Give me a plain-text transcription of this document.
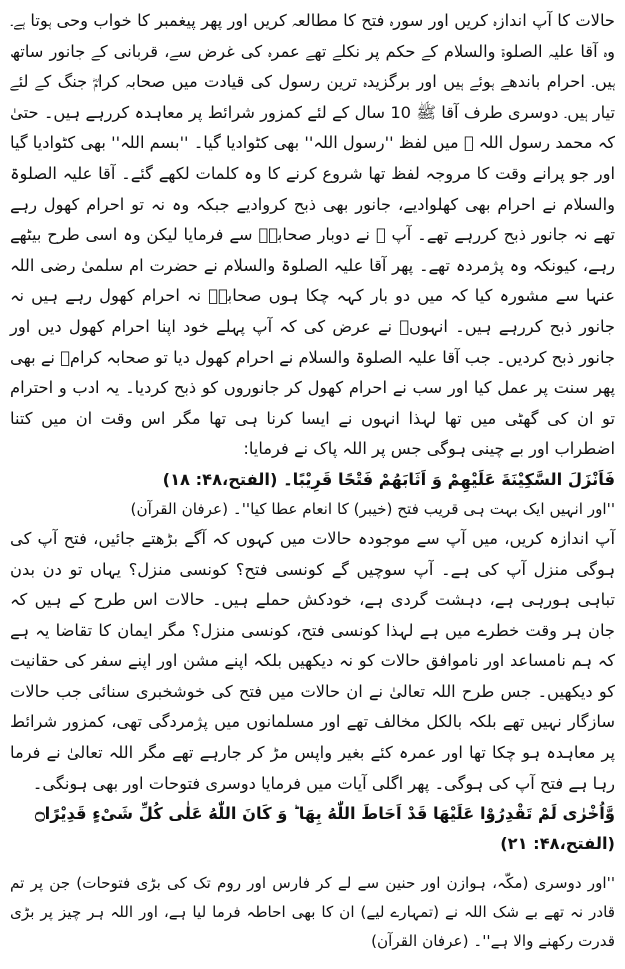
حالات کا آپ اندازہ کریں اور سورہ فتح کا مطالعہ کریں اور پھر پیغمبر کا خواب وحی ہوتا ہے۔ وہ آقا علیہ الصلوۃ والسلام کے حکم پر نکلے تھے عمرہ کی غرض سے، قربانی کے جانور ساتھ ہیں۔ احرام باندھے ہوئے ہیں اور برگزیدہ ترین رسول کی قیادت میں صحابہ کرامؓ جنگ کے لئے تیار ہیں۔ دوسری طرف آقا ﷺ 10 سال کے لئے کمزور شرائط پر معاہدہ کررہے ہیں۔ حتیٰ کہ محمد رسول اللہ ﷺ میں لفظ ''رسول اللہ'' بھی کٹوادیا گیا۔ ''بسم اللہ'' بھی کٹوادیا گیا اور جو پرانے وقت کا مروجہ لفظ تھا شروع کرنے کا وہ کلمات لکھے گئے۔ آقا علیہ الصلوۃ والسلام نے احرام بھی کھلوادیے، جانور بھی ذبح کروادیے جبکہ وہ نہ تو احرام کھول رہے تھے نہ جانور ذبح کررہے تھے۔ آپ ﷺ نے دوبار صحابہؓ سے فرمایا لیکن وہ اسی طرح بیٹھے رہے، کیونکہ وہ پژمردہ تھے۔ پھر آقا علیہ الصلوۃ والسلام نے حضرت ام سلمیٰ رضی اللہ عنہا سے مشورہ کیا کہ میں دو بار کہہ چکا ہوں صحابہؓ نہ احرام کھول رہے ہیں نہ جانور ذبح کررہے ہیں۔ انہوںؓ نے عرض کی کہ آپ پہلے خود اپنا احرام کھول دیں اور جانور ذبح کردیں۔ جب آقا علیہ الصلوۃ والسلام نے احرام کھول دیا تو صحابہ کرامؓ نے بھی پھر سنت پر عمل کیا اور سب نے احرام کھول کر جانوروں کو ذبح کردیا۔ یہ ادب و احترام تو ان کی گھٹی میں تھا لہذا انہوں نے ایسا کرنا ہی تھا مگر اس وقت ان میں کتنا اضطراب اور بے چینی ہوگی جس پر اللہ پاک نے فرمایا:

فَاَنْزَلَ السَّكِيْنَةَ عَلَيْهِمْ وَ اَثَابَهُمْ فَتْحًا قَرِيْبًا۔ (الفتح،۴۸: ۱۸)

''اور انہیں ایک بہت ہی قریب فتح (خیبر) کا انعام عطا کیا''۔ (عرفان القرآن)

آپ اندازہ کریں، میں آپ سے موجودہ حالات میں کہوں کہ آگے بڑھتے جائیں، فتح آپ کی ہوگی منزل آپ کی ہے۔ آپ سوچیں گے کونسی فتح؟ کونسی منزل؟ یہاں تو دن بدن تباہی ہورہی ہے، دہشت گردی ہے، خودکش حملے ہیں۔ حالات اس طرح کے ہیں کہ جان ہر وقت خطرے میں ہے لہذا کونسی فتح، کونسی منزل؟ مگر ایمان کا تقاضا یہ ہے کہ ہم نامساعد اور ناموافق حالات کو نہ دیکھیں بلکہ اپنے مشن اور اپنے سفر کی حقانیت کو دیکھیں۔ جس طرح اللہ تعالیٰ نے ان حالات میں فتح کی خوشخبری سنائی جب حالات سازگار نہیں تھے بلکہ بالکل مخالف تھے اور مسلمانوں میں پژمردگی تھی، کمزور شرائط پر معاہدہ ہو چکا تھا اور عمرہ کئے بغیر واپس مڑ کر جارہے تھے مگر اللہ تعالیٰ نے فرما رہا ہے فتح آپ کی ہوگی۔ پھر اگلی آیات میں فرمایا دوسری فتوحات اور بھی ہونگی۔

وَّاُخْرٰى لَمْ تَقْدِرُوْا عَلَيْهَا قَدْ اَحَاطَ اللّٰهُ بِهَا ؕ وَ كَانَ اللّٰهُ عَلٰى كُلِّ شَىْءٍ قَدِيْرًا۝ (الفتح،۴۸: ۲۱)

''اور دوسری (مکّہ، ہوازن اور حنین سے لے کر فارس اور روم تک کی بڑی فتوحات) جن پر تم قادر نہ تھے بے شک اللہ نے (تمہارے لیے) ان کا بھی احاطہ فرما لیا ہے، اور اللہ ہر چیز پر بڑی قدرت رکھنے والا ہے''۔ (عرفان القرآن)
